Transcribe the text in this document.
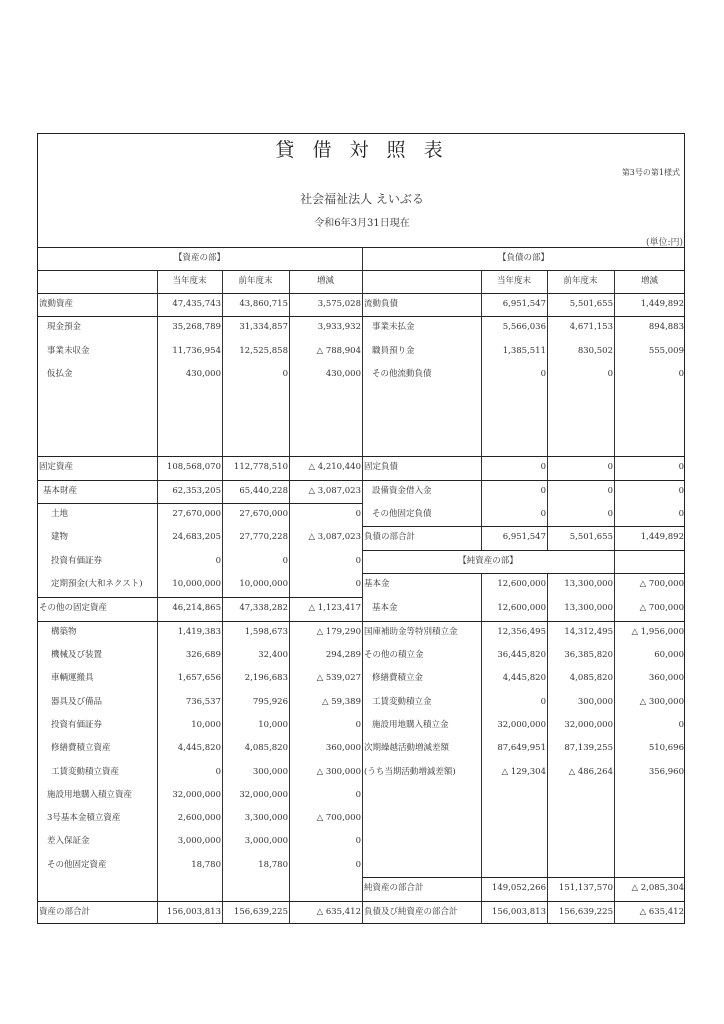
貸 借 対 照 表
第3号の第1様式
社会福祉法人 えいぶる
令和6年3月31日現在
(単位:円)
【資産の部】	【負債の部】
当年度末	当年度末
前年度末	前年度末
増減	増減
流動資産	47,435,743	43,860,715	3,575,028
現金預金	35,268,789	31,334,857	3,933,932
事業未収金	11,736,954	12,525,858	△ 788,904
仮払金	430,000	0	430,000
固定資産	108,568,070	112,778,510	△ 4,210,440
基本財産	62,353,205	65,440,228	△ 3,087,023
土地	27,670,000	27,670,000	0
建物	24,683,205	27,770,228	△ 3,087,023
投資有価証券	0	0	0
定期預金(大和ネクスト)	10,000,000	10,000,000	0
その他の固定資産	46,214,865	47,338,282	△ 1,123,417
構築物	1,419,383	1,598,673	△ 179,290
機械及び装置	326,689	32,400	294,289
車輌運搬具	1,657,656	2,196,683	△ 539,027
器具及び備品	736,537	795,926	△ 59,389
投資有価証券	10,000	10,000	0
修繕費積立資産	4,445,820	4,085,820	360,000
工賃変動積立資産	0	300,000	△ 300,000
施設用地購入積立資産	32,000,000	32,000,000	0
3号基本金積立資産	2,600,000	3,300,000	△ 700,000
差入保証金	3,000,000	3,000,000	0
その他固定資産	18,780	18,780	0
資産の部合計	156,003,813	156,639,225	△ 635,412
流動負債	6,951,547	5,501,655	1,449,892
事業未払金	5,566,036	4,671,153	894,883
職員預り金	1,385,511	830,502	555,009
その他流動負債	0	0	0
固定負債	0	0	0
設備資金借入金	0	0	0
その他固定負債	0	0	0
負債の部合計	6,951,547	5,501,655	1,449,892
【純資産の部】
基本金	12,600,000	13,300,000	△ 700,000
基本金	12,600,000	13,300,000	△ 700,000
国庫補助金等特別積立金	12,356,495	14,312,495	△ 1,956,000
その他の積立金	36,445,820	36,385,820	60,000
修繕費積立金	4,445,820	4,085,820	360,000
工賃変動積立金	0	300,000	△ 300,000
施設用地購入積立金	32,000,000	32,000,000	0
次期繰越活動増減差額	87,649,951	87,139,255	510,696
(うち当期活動増減差額)	△ 129,304	△ 486,264	356,960
純資産の部合計	149,052,266	151,137,570	△ 2,085,304
負債及び純資産の部合計	156,003,813	156,639,225	△ 635,412
